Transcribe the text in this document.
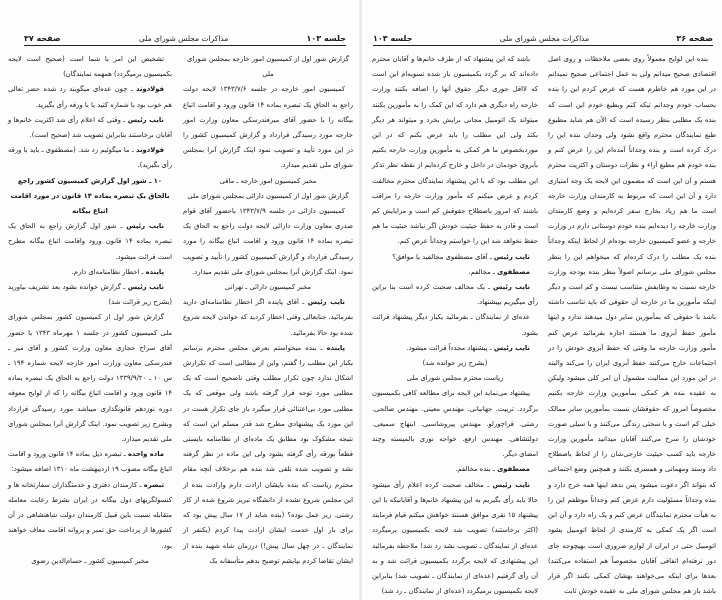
جلسه ۱۰۳
مذاکرات مجلس شورای ملی
صفحه ۳۷

گزارش شور اول از کمیسیون امور خارجه بمجلس شورای ملی

کمیسیون امور خارجه در جلسه ۱۳۴۳/۷/۶ لایحه دولت راجع به الحاق یک تبصره بماده ۱۴ قانون ورود و اقامت اتباع بیگانه را با حضور آقای میرفندرسکی معاون وزارت امور خارجه مورد رسیدگی قرارداد و گزارش کمیسیون کشور را در این مورد تأیید و تصویب نمود اینک گزارش آنرا بمجلس شورای ملی تقدیم میدارد.

مخبر کمیسیون امور خارجه ـ ماقی

گزارش شور اول از کمیسیون دارائی بمجلس شورای ملی

کمیسیون دارائی در جلسه ۱۳۴۳/۷/۹ باحضور آقای قوام صدری معاون وزارت دارائی لایحه دولت راجع به الحاق یک تبصره بماده ۱۴ قانون ورود و اقامت اتباع بیگانه را مورد رسیدگی قرارداد و گزارش کمیسیون کشور را تأیید و تصویب نمود. اینک گزارش آنرا بمجلس شورای ملی تقدیم میدارد.

مخبر کمیسیون دارائی ـ تهرانی

نایب رئیس ـ آقای پاینده اگر اخطار نظامنامه‌ای دارید بفرمائید. جنابعالی وقتی اخطار کردید که خواندن لایحه شروع شده بود حالا بفرمائید.

پاینده ـ بنده میخواستم بعرض مجلس محترم برسانم یکبار این مطلب را گفتم، واین از مطالبی است که تکرارش اشکال ندارد چون تکرار مطلب وقتی ناصحیح است که یک مطلبی مورد توجه قرار گرفته باشد ولی موقعی که یک مطلبی مورد بی‌اعتنائی قرار میگیرد باز جای تکرار هست در این مورد یک پیشنهادی مطرح شد قدر مسلم این است که نتیجه مشکوک بود مطابق یک ماده‌ای از نظامنامه بایستی قطعاً بورقه رأی گرفته بشود ولی این ماده در نظر گرفته نشد و تصویب شده تلقی شد بنده هم برخلاف آنچه مقام محترم ریاست که بنده بایشان ارادت دارم وارادت بنده از این مجلس شروع نشده از دانشگاه تبریز شروع شده از کار رشتی. زیر عمل بوده؟ (بنده شاید از ۱۷ سال پیش بود که برای بار اول خدمت ایشان ارادت پیدا کردم (یکنفر از نمایندگان ـ در چهل سال پیش!) درزمان شاه شهید بنده از ایشان تقاضا کردم بپایشم توضیح بدهم متأسفانه یک

تشخیص این امر با شما است (صحیح است لایحه بکمیسیون برمیگردد) همهمه نمایندگان)

فولادوند ـ چون عده‌ای میگویند رد شده حضر تعالی هم خوب بود با شماره کنید یا با ورقه رأی بگیرید.

نایب رئیس ـ وقتی که اعلام رأی شد اکثریت خانم‌ها و آقایان برخاستند بنابراین تصویب شد (صحیح است).

فولادوند ـ ما میگوئیم رد شد. (مصطفوی ـ باید با ورقه رأی بگیرید).

۱۰ ـ شور اول گزارش کمیسیون کشور راجع بالحاق یک تبصره بماده ۱۴ قانون در مورد اقامت اتباع بیگانه

نایب رئیس ـ شور اول گزارش راجع به الحاق یک تبصره بماده ۱۴ قانون ورود واقامت اتباع بیگانه مطرح است قرائت میشود.

پاینده ـ اخطار نظامنامه‌ای دارم.

نایب رئیس ـ گزارش خوانده بشود بعد تشریف بیاورید (بشرح زیر قرائت شد)

گزارش شور اول از کمیسیون کشور بمجلس شورای ملی کمیسیون کشور در جلسه ۱ مهرماه ۱۳۴۳ با حضور آقای سراج حجازی معاون وزارت کشور و آقای میر ـ فندرسکی معاون وزارت امور خارجه لایحه شماره ۱۹۴ ـ س ۱۰ ـ ۱۳۳۹/۹/۲۰ دولت راجع به الحاق یک تبصره بماده ۱۴ قانون ورود و اقامت اتباع بیگانه را که از لوایح معوقه دوره نوزدهم قانونگذاری میباشد مورد رسیدگی قرارداد وبشرح زیر تصویب نمود. اینک گزارش آنرا بمجلس شورای ملی تقدیم میدارد.

ماده واحده ـ تبصره ذیل بماده ۱۴ قانون ورود و اقامت اتباع بیگانه مصوب ۱۹ اردیبهشت ماه ۱۳۱۰ اضافه میشود:

تبصره ـ کارمندان دفتری و خدمتگذاران سفارتخانه ها و کنسولگریهای دول بیگانه در ایران بشرط رعایت معامله متقابله نسبت باین قبیل کارمندان دولت شاهنشاهی در آن کشورها از پرداخت حق تمبر و پروانه اقامت معاف خواهند بود.

مخبر کمیسیون کشور ـ حسام‌الدین رضوی

صفحه ۳۶
مذاکرات مجلس شورای ملی
جلسه ۱۰۳

بنده این لوایح معمولاً روی بعضی ملاحظات و روی اصل اقتصادی صحیح میدانم ولی به عمل اجتماعی صحیح نمیدانم در این مورد هم خاطرم هست که عرض کردم این را بنده بحساب خودم وجدانم تیکه کنم وبطبع خودم این است که بنده یک مطلبی بنظر رسیده است که الآن هم شاید مطبوع طبع نمایندگان محترم واقع نشود ولی وجدان بنده این را درک کرده است و بنده وجداناً آمده‌ام این را عرض کنم و بنده خودم هم مطیع آراء و نظرات دوستان و اکثریت محترم هستم و آن این است که مضمون این لایحه یک وجه امتیازی دارد و آن این است که مربوط به کارمندان وزارت خارجه است ما هم زیاد بخارج سفر کرده‌ایم و وضع کارمندان وزارت خارجه را دیده‌ایم بنده خودم دوستانی دارم در وزارت خارجه و عضو کمیسیون خارجه بوده‌ام از لحاظ اینکه وجداناً بنده یک مطلب را درک کرده‌ام که میخواهم این را بنظر مجلس شورای ملی برسانم اصولاً بنظر بنده بودجه وزارت خارجه نسبت به وظایفش متناسب نیست و کم است و دیگر اینکه مأمورین ما در خارجه آن حقوقی که باید تناسب داشته باشد با حقوقی که بمأمورین سایر دول میدهند ندارد و اینها مأمور حفظ آبروی ما هستند اجازه بفرمائید عرض کنم مأمور وزارت خارجه ما وقتی که حفظ آبروی خودش را در اجتماعات خارج می‌کنند حفظ آبروی ایران را می‌کند والبته در این مورد این ممالیت مشمول آن امر کلی میشود ولیکن به عقیده بنده هر کمکی بمأمورین وزارت خارجه بکنیم مخصوصاً امروز که حقوقشان نسبت بمأمورین سایر ممالک خیلی کم است و با سختی زندگی می‌کنند و با سیلی صورت خودشان را سرخ می‌کنند آقایان میدانید مأمورین وزارت خارجه باید کسب حیثیت خارجی‌شان را از لحاظ باصطلاح داد وستد ومهمانی و همسری بکنند و همچنین وضع اجتماعی که بتواند اگر دعوت میشود پس بدهد اینها همه خرج دارد و بنده وجداناً مسئولیت دارم عرض کنم وجداناً موظفم این را به هیأت محترم نمایندگان عرض کنم و یک راه دارد و آن این است اگر یک کمکی به کارمندی از لحاظ اتومبیل بشود اتومبیل حتی در ایران از لوازم ضروری است بهیچوجه جای دور نرفته‌ام اتفاقی آقایان مخصوصاً هم استفاده می‌کنند) بعدها برای اینکه می‌خواهند بهشان کمکی بکنند اگر قرار باشد باز هم مجلس شورای ملی به عقیده خودش ثابت

باشد که این پیشنهاد که از طرف خانم‌ها و آقایان محترم داده‌اند که بر گردد بکمیسیون باز شده تسویه‌ام این است که لااقل جوری دیگر حقوق آنها را اضافه بکنند وزارت خارجه راه دیگری هم دارد که این کمک را به مأمورین بکنند میتواند یک اتومبیل مجانی برایش بخرد و میتواند هر دیگر بکند ولی این مطلب را باید عرض بکنم که در این موردبخصوص ما هر کمکی به مأمورین وزارت خارجه بکنیم بآبروی خودمان در داخل و خارج کرده‌ایم از نقطه نظر تذکر این مطلب بود که با این پیشنهاد نمایندگان محترم مخالفت کردم و عرض میکنم که مأمور وزارت خارجه را مراقب باشند که امروز باصطلاح حقوقش کم است و مزایایش کم است و قادر به حفظ حیثیت خودش اگر نباشد حیثیت ما هم حفظ نخواهد شد این را خواستم وجداناً عرض کنم.

نایب رئیس ـ آقای مصطفوی مخالفید یا موافق؟

مصطفوی ـ مخالفم.

نایب رئیس ـ یک مخالف صحبت کرده است بنا براین رأی میگیریم بپیشنهاد.

عده‌ای از نمایندگان ـ بفرمائید یکبار دیگر پیشنهاد قرائت بشود.

نایب رئیس ـ پیشنهاد مجدداً قرائت میشود.

(بشرح زیر خوانده شد)

ریاست محترم مجلس شورای ملی

پیشنهاد می‌نماید این لایحه برای مطالعه کافی بکمیسیون برگردد. تربیت. جهانبانی. مهندس معینی. مهندس صالحی. رشتی. قراچورلو. مهندس پیروشاسبی. ابتهاج سمیعی. دولتشاهی. مهندس ارفع. خواجه نوری بالمیسته وچند امضای دیگر.

مصطفوی ـ بنده مخالفم.

نایب رئیس ـ مخالف صحبت کرده اعلام رأی میشود حالا باید رأی بگیریم به این پیشنهاد خانم‌ها و آقایانیکه با این پیشنهاد ۱۵ نفری موافق هستند خواهش میکنم قیام فرمایند (اکثر برخاستند) تصویب شد لایحه بکمیسیون برمیگردد عده‌ای از نمایندگان ـ تصویب نشد رد شد! ملاحظه بفرمائید این پیشنهادی که لایحه برگردد بکمیسیون قرائت شد و به آن رأی گرفتیم (عده‌ای از نمایندگان ـ تصویب شد) بنابراین لایحه بکمیسیون برمیگردد (عده‌ای از نمایندگان ـ رد شد)
